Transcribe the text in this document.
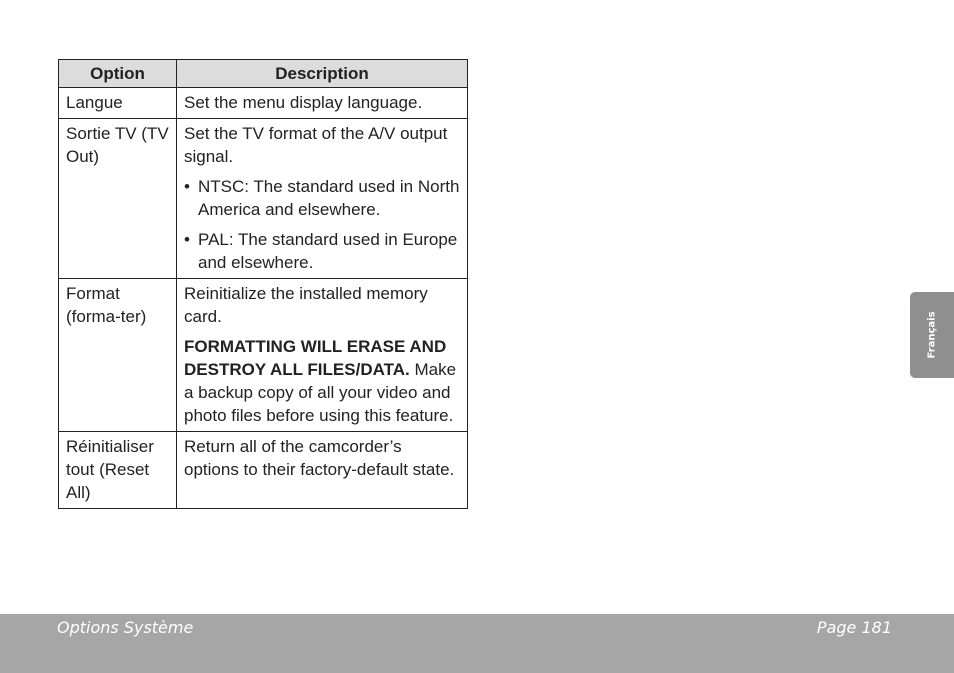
Option	Description
Langue	Set the menu display language.

Sortie TV (TV Out)	Set the TV format of the A/V output signal.

• NTSC: The standard used in North America and elsewhere.
• PAL: The standard used in Europe and elsewhere.

Format (forma-ter)	Reinitialize the installed memory card.

FORMATTING WILL ERASE AND DESTROY ALL FILES/DATA. Make a backup copy of all your video and photo files before using this feature.

Réinitialiser tout (Reset All)	Return all of the camcorder’s options to their factory-default state.

Français
Options Système	Page 181
